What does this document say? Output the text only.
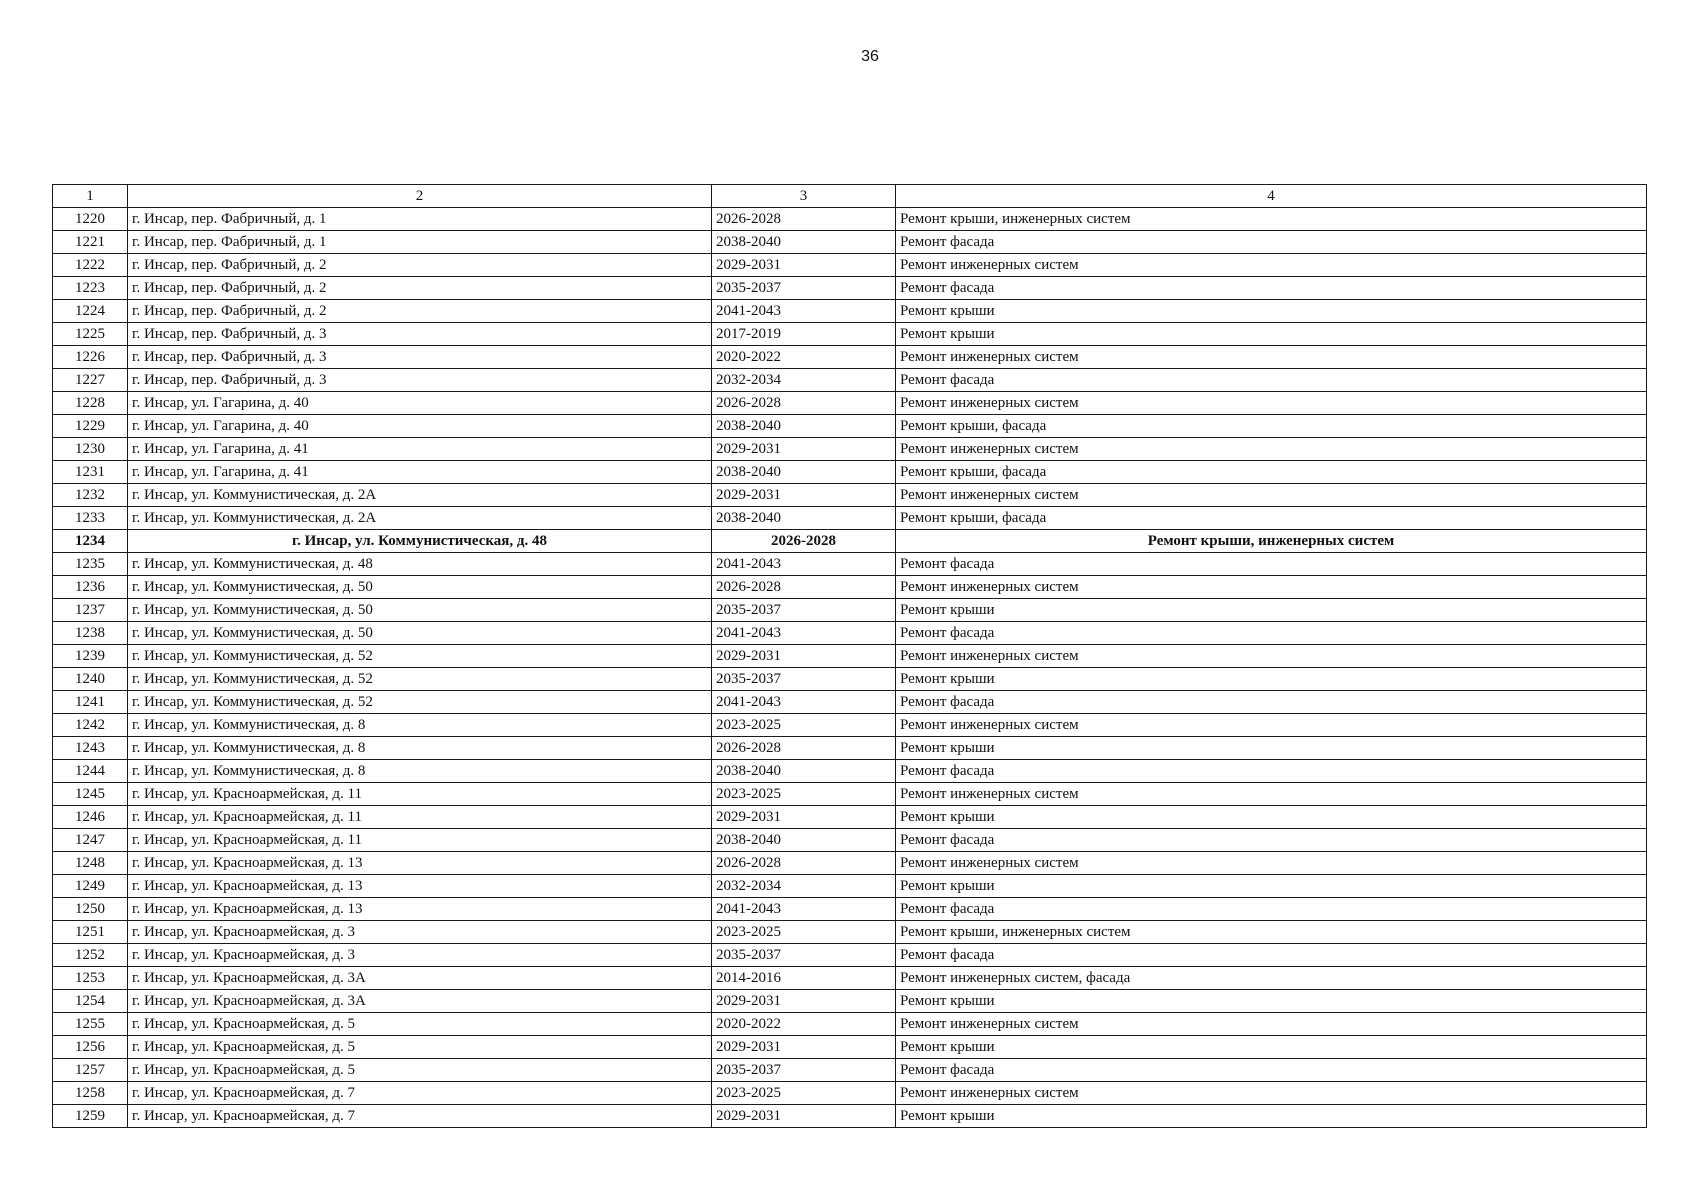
36
1	2	3	4
1220	г. Инсар, пер. Фабричный, д. 1	2026-2028	Ремонт крыши, инженерных систем
1221	г. Инсар, пер. Фабричный, д. 1	2038-2040	Ремонт фасада
1222	г. Инсар, пер. Фабричный, д. 2	2029-2031	Ремонт инженерных систем
1223	г. Инсар, пер. Фабричный, д. 2	2035-2037	Ремонт фасада
1224	г. Инсар, пер. Фабричный, д. 2	2041-2043	Ремонт крыши
1225	г. Инсар, пер. Фабричный, д. 3	2017-2019	Ремонт крыши
1226	г. Инсар, пер. Фабричный, д. 3	2020-2022	Ремонт инженерных систем
1227	г. Инсар, пер. Фабричный, д. 3	2032-2034	Ремонт фасада
1228	г. Инсар, ул. Гагарина, д. 40	2026-2028	Ремонт инженерных систем
1229	г. Инсар, ул. Гагарина, д. 40	2038-2040	Ремонт крыши, фасада
1230	г. Инсар, ул. Гагарина, д. 41	2029-2031	Ремонт инженерных систем
1231	г. Инсар, ул. Гагарина, д. 41	2038-2040	Ремонт крыши, фасада
1232	г. Инсар, ул. Коммунистическая, д. 2А	2029-2031	Ремонт инженерных систем
1233	г. Инсар, ул. Коммунистическая, д. 2А	2038-2040	Ремонт крыши, фасада
1234	г. Инсар, ул. Коммунистическая, д. 48	2026-2028	Ремонт крыши, инженерных систем
1235	г. Инсар, ул. Коммунистическая, д. 48	2041-2043	Ремонт фасада
1236	г. Инсар, ул. Коммунистическая, д. 50	2026-2028	Ремонт инженерных систем
1237	г. Инсар, ул. Коммунистическая, д. 50	2035-2037	Ремонт крыши
1238	г. Инсар, ул. Коммунистическая, д. 50	2041-2043	Ремонт фасада
1239	г. Инсар, ул. Коммунистическая, д. 52	2029-2031	Ремонт инженерных систем
1240	г. Инсар, ул. Коммунистическая, д. 52	2035-2037	Ремонт крыши
1241	г. Инсар, ул. Коммунистическая, д. 52	2041-2043	Ремонт фасада
1242	г. Инсар, ул. Коммунистическая, д. 8	2023-2025	Ремонт инженерных систем
1243	г. Инсар, ул. Коммунистическая, д. 8	2026-2028	Ремонт крыши
1244	г. Инсар, ул. Коммунистическая, д. 8	2038-2040	Ремонт фасада
1245	г. Инсар, ул. Красноармейская, д. 11	2023-2025	Ремонт инженерных систем
1246	г. Инсар, ул. Красноармейская, д. 11	2029-2031	Ремонт крыши
1247	г. Инсар, ул. Красноармейская, д. 11	2038-2040	Ремонт фасада
1248	г. Инсар, ул. Красноармейская, д. 13	2026-2028	Ремонт инженерных систем
1249	г. Инсар, ул. Красноармейская, д. 13	2032-2034	Ремонт крыши
1250	г. Инсар, ул. Красноармейская, д. 13	2041-2043	Ремонт фасада
1251	г. Инсар, ул. Красноармейская, д. 3	2023-2025	Ремонт крыши, инженерных систем
1252	г. Инсар, ул. Красноармейская, д. 3	2035-2037	Ремонт фасада
1253	г. Инсар, ул. Красноармейская, д. 3А	2014-2016	Ремонт инженерных систем, фасада
1254	г. Инсар, ул. Красноармейская, д. 3А	2029-2031	Ремонт крыши
1255	г. Инсар, ул. Красноармейская, д. 5	2020-2022	Ремонт инженерных систем
1256	г. Инсар, ул. Красноармейская, д. 5	2029-2031	Ремонт крыши
1257	г. Инсар, ул. Красноармейская, д. 5	2035-2037	Ремонт фасада
1258	г. Инсар, ул. Красноармейская, д. 7	2023-2025	Ремонт инженерных систем
1259	г. Инсар, ул. Красноармейская, д. 7	2029-2031	Ремонт крыши
